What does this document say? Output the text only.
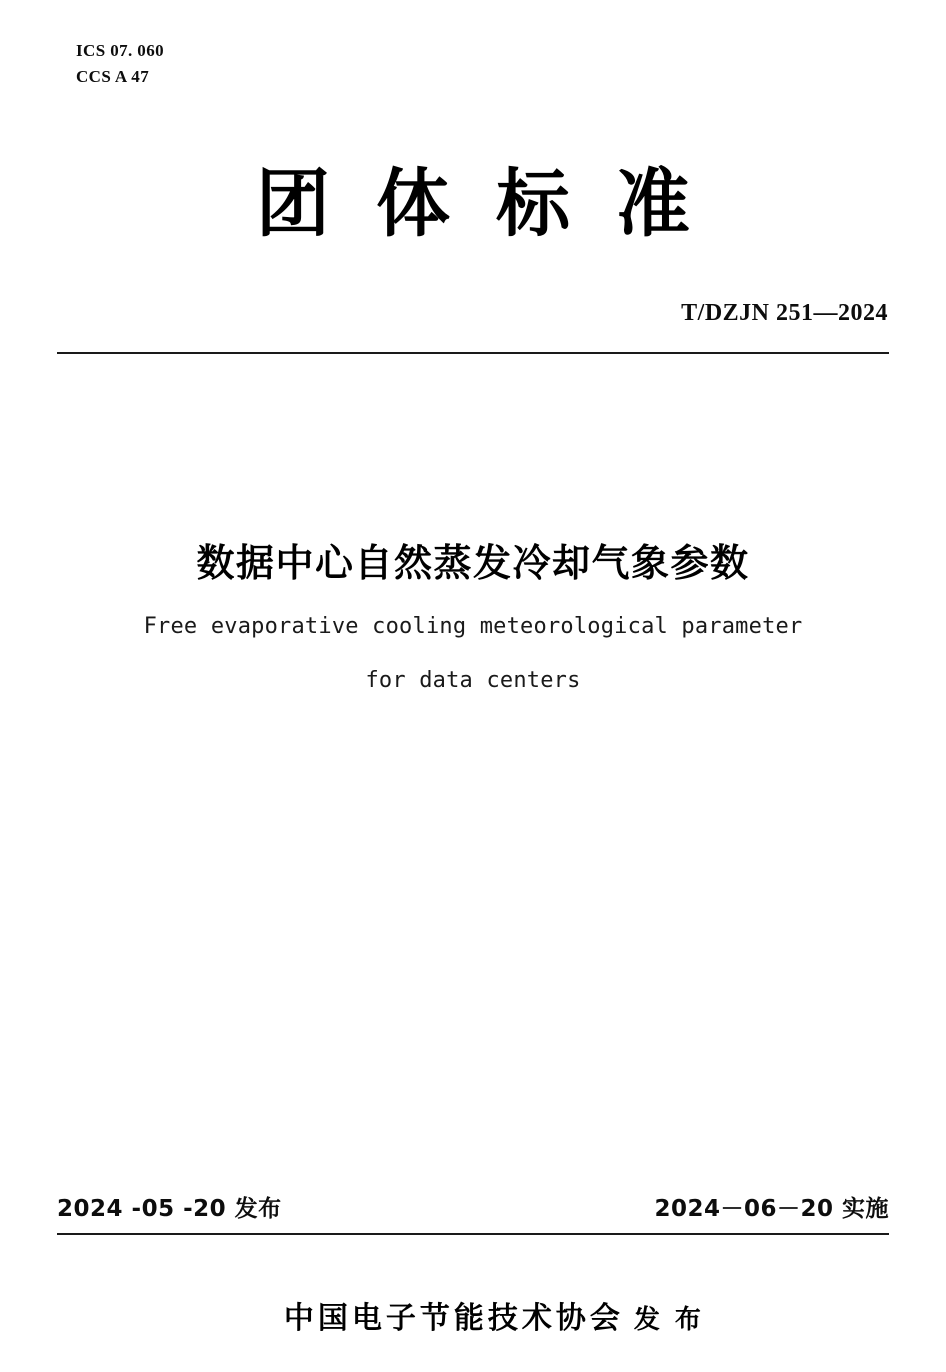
ICS 07. 060
CCS A 47
团体标准
T/DZJN 251—2024
数据中心自然蒸发冷却气象参数
Free evaporative cooling meteorological parameter
for data centers
2024 -05 -20 发布	2024－06－20 实施

中国电子节能技术协会 发 布
